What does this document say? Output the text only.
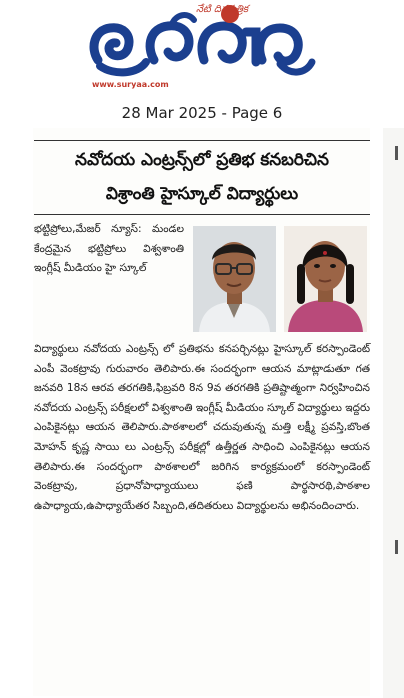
నేటి దినపత్రిక
www.suryaa.com
28 Mar 2025 - Page 6
నవోదయ ఎంట్రన్స్‌లో ప్రతిభ కనబరిచిన
విశ్రాంతి హైస్కూల్ విద్యార్థులు
భట్టిప్రోలు,మేజర్ న్యూస్: మండల కేంద్రమైన భట్టిప్రోలు విశ్వశాంతి ఇంగ్లీష్ మీడియం హై స్కూల్
విద్యార్థులు నవోదయ ఎంట్రన్స్ లో ప్రతిభను కనపర్చినట్లు హైస్కూల్ కరస్పాండెంట్ ఎంపీ వెంకట్రావు గురువారం తెలిపారు.ఈ సందర్భంగా ఆయన మాట్లాడుతూ గత జనవరి 18న ఆరవ తరగతికి,ఫిబ్రవరి 8న 9వ తరగతికి ప్రతిష్టాత్మంగా నిర్వహించిన నవోదయ ఎంట్రన్స్ పరీక్షలలో విశ్వశాంతి ఇంగ్లీష్ మీడియం స్కూల్ విద్యార్థులు ఇద్దరు ఎంపికైనట్లు ఆయన తెలిపారు.పాఠశాలలో చదువుతున్న మత్తి లక్ష్మీ ప్రవస్తి,బొంత మోహన్ కృష్ణ సాయి లు ఎంట్రన్స్ పరీక్షల్లో ఉత్తీర్ణత సాధించి ఎంపికైనట్లు ఆయన తెలిపారు.ఈ సందర్భంగా పాఠశాలలో జరిగిన కార్యక్రమంలో కరస్పాండెంట్ వెంకట్రావు, ప్రధానోపాధ్యాయులు ఫణి పార్థసారథి,పాఠశాల ఉపాధ్యాయ,ఉపాధ్యాయేతర సిబ్బంది,తదితరులు విద్యార్థులను అభినందించారు.
